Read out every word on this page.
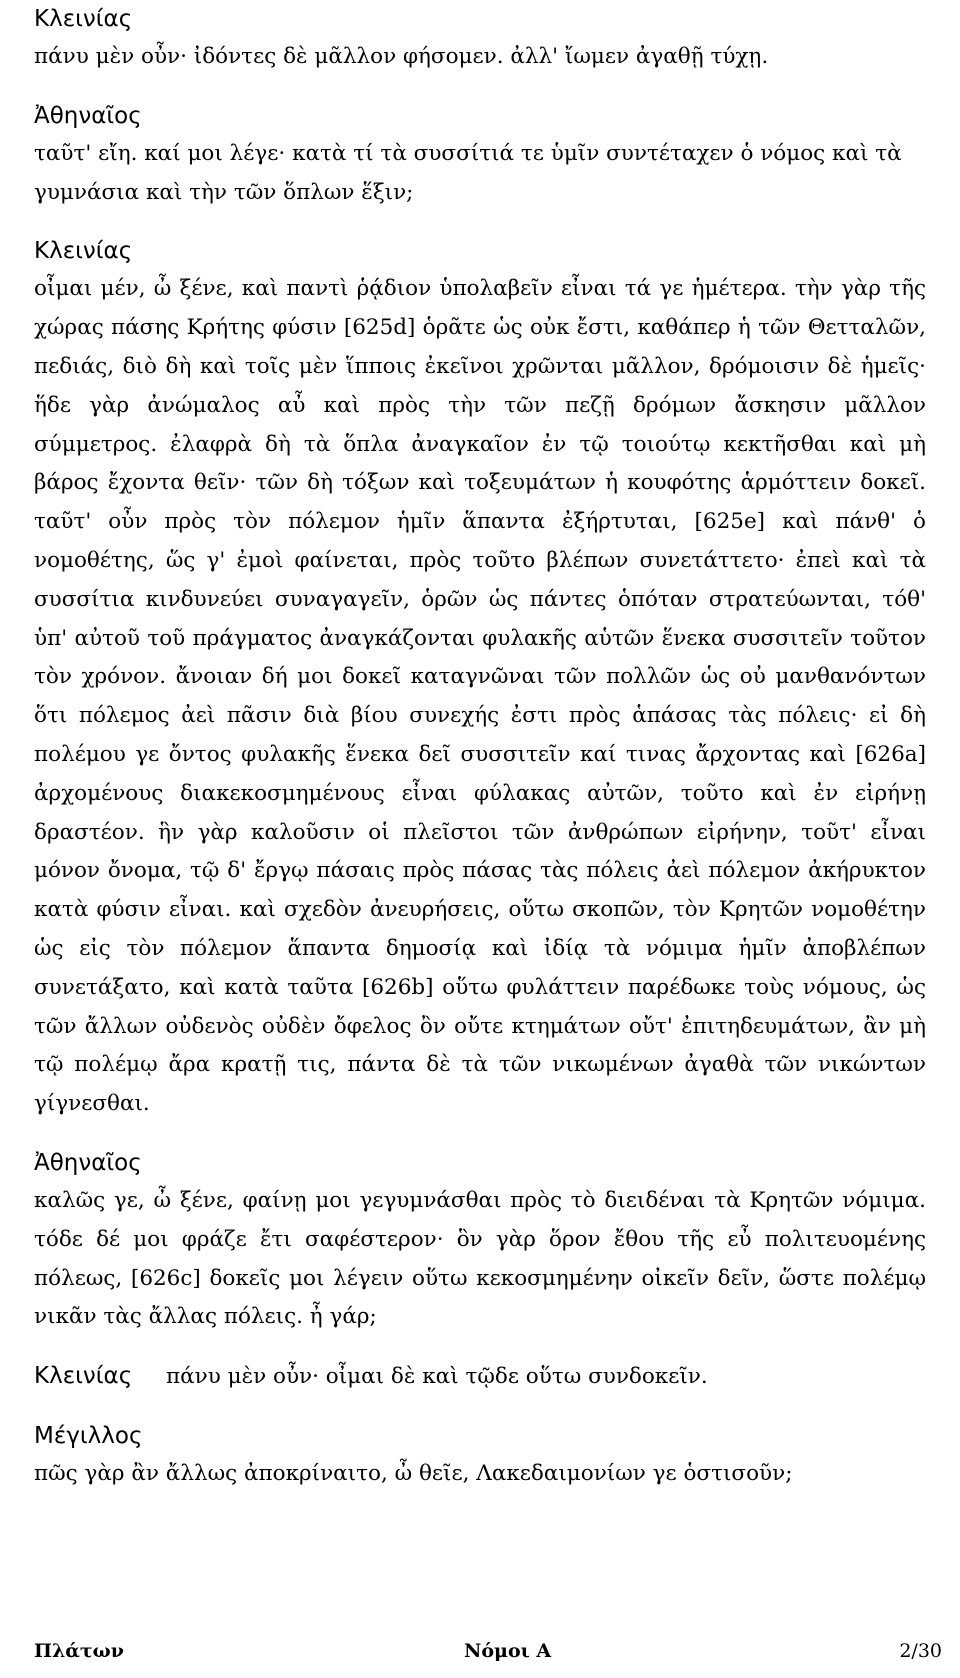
Κλεινίας

πάνυ μὲν οὖν· ἰδόντες δὲ μᾶλλον φήσομεν. ἀλλ' ἴωμεν ἀγαθῇ τύχῃ.

Ἀθηναῖος

ταῦτ' εἴη. καί μοι λέγε· κατὰ τί τὰ συσσίτιά τε ὑμῖν συντέταχεν ὁ νόμος καὶ τὰ γυμνάσια καὶ τὴν τῶν ὅπλων ἕξιν;

Κλεινίας

οἶμαι μέν, ὦ ξένε, καὶ παντὶ ῥᾴδιον ὑπολαβεῖν εἶναι τά γε ἡμέτερα. τὴν γὰρ τῆς χώρας πάσης Κρήτης φύσιν [625d] ὁρᾶτε ὡς οὐκ ἔστι, καθάπερ ἡ τῶν Θετταλῶν, πεδιάς, διὸ δὴ καὶ τοῖς μὲν ἵπποις ἐκεῖνοι χρῶνται μᾶλλον, δρόμοισιν δὲ ἡμεῖς· ἥδε γὰρ ἀνώμαλος αὖ καὶ πρὸς τὴν τῶν πεζῇ δρόμων ἄσκησιν μᾶλλον σύμμετρος. ἐλαφρὰ δὴ τὰ ὅπλα ἀναγκαῖον ἐν τῷ τοιούτῳ κεκτῆσθαι καὶ μὴ βάρος ἔχοντα θεῖν· τῶν δὴ τόξων καὶ τοξευμάτων ἡ κουφότης ἁρμόττειν δοκεῖ. ταῦτ' οὖν πρὸς τὸν πόλεμον ἡμῖν ἅπαντα ἐξήρτυται, [625e] καὶ πάνθ' ὁ νομοθέτης, ὥς γ' ἐμοὶ φαίνεται, πρὸς τοῦτο βλέπων συνετάττετο· ἐπεὶ καὶ τὰ συσσίτια κινδυνεύει συναγαγεῖν, ὁρῶν ὡς πάντες ὁπόταν στρατεύωνται, τόθ' ὑπ' αὐτοῦ τοῦ πράγματος ἀναγκάζονται φυλακῆς αὑτῶν ἕνεκα συσσιτεῖν τοῦτον τὸν χρόνον. ἄνοιαν δή μοι δοκεῖ καταγνῶναι τῶν πολλῶν ὡς οὐ μανθανόντων ὅτι πόλεμος ἀεὶ πᾶσιν διὰ βίου συνεχής ἐστι πρὸς ἁπάσας τὰς πόλεις· εἰ δὴ πολέμου γε ὄντος φυλακῆς ἕνεκα δεῖ συσσιτεῖν καί τινας ἄρχοντας καὶ [626a] ἀρχομένους διακεκοσμημένους εἶναι φύλακας αὐτῶν, τοῦτο καὶ ἐν εἰρήνῃ δραστέον. ἣν γὰρ καλοῦσιν οἱ πλεῖστοι τῶν ἀνθρώπων εἰρήνην, τοῦτ' εἶναι μόνον ὄνομα, τῷ δ' ἔργῳ πάσαις πρὸς πάσας τὰς πόλεις ἀεὶ πόλεμον ἀκήρυκτον κατὰ φύσιν εἶναι. καὶ σχεδὸν ἀνευρήσεις, οὕτω σκοπῶν, τὸν Κρητῶν νομοθέτην ὡς εἰς τὸν πόλεμον ἅπαντα δημοσίᾳ καὶ ἰδίᾳ τὰ νόμιμα ἡμῖν ἀποβλέπων συνετάξατο, καὶ κατὰ ταῦτα [626b] οὕτω φυλάττειν παρέδωκε τοὺς νόμους, ὡς τῶν ἄλλων οὐδενὸς οὐδὲν ὄφελος ὂν οὔτε κτημάτων οὔτ' ἐπιτηδευμάτων, ἂν μὴ τῷ πολέμῳ ἄρα κρατῇ τις, πάντα δὲ τὰ τῶν νικωμένων ἀγαθὰ τῶν νικώντων γίγνεσθαι.

Ἀθηναῖος

καλῶς γε, ὦ ξένε, φαίνῃ μοι γεγυμνάσθαι πρὸς τὸ διειδέναι τὰ Κρητῶν νόμιμα. τόδε δέ μοι φράζε ἔτι σαφέστερον· ὃν γὰρ ὅρον ἔθου τῆς εὖ πολιτευομένης πόλεως, [626c] δοκεῖς μοι λέγειν οὕτω κεκοσμημένην οἰκεῖν δεῖν, ὥστε πολέμῳ νικᾶν τὰς ἄλλας πόλεις. ἦ γάρ;

Κλεινίας	πάνυ μὲν οὖν· οἶμαι δὲ καὶ τῷδε οὕτω συνδοκεῖν.

Μέγιλλος

πῶς γὰρ ἂν ἄλλως ἀποκρίναιτο, ὦ θεῖε, Λακεδαιμονίων γε ὁστισοῦν;

Πλάτων	Νόμοι Α	2/30
